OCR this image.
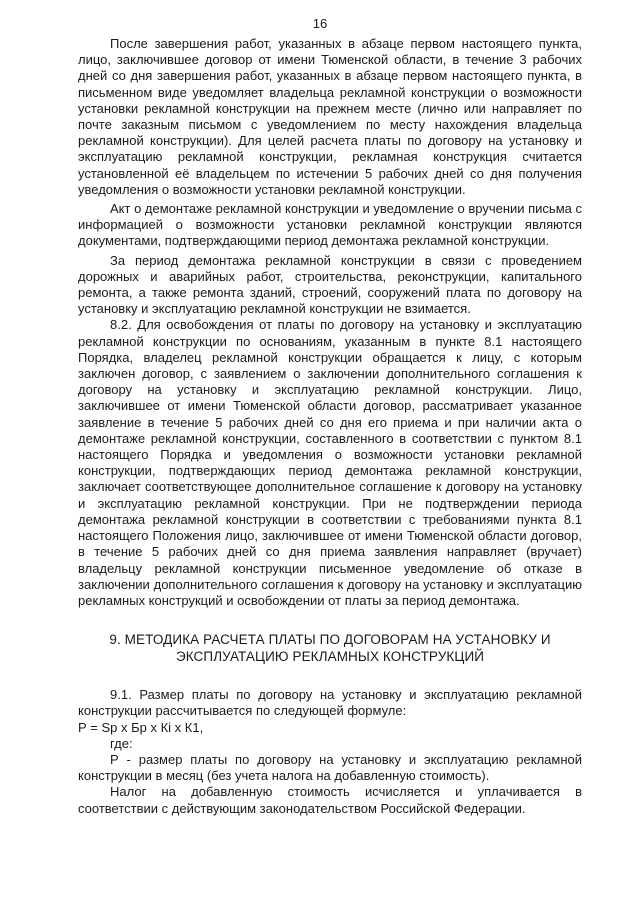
16

После завершения работ, указанных в абзаце первом настоящего пункта, лицо, заключившее договор от имени Тюменской области, в течение 3 рабочих дней со дня завершения работ, указанных в абзаце первом настоящего пункта, в письменном виде уведомляет владельца рекламной конструкции о возможности установки рекламной конструкции на прежнем месте (лично или направляет по почте заказным письмом с уведомлением по месту нахождения владельца рекламной конструкции). Для целей расчета платы по договору на установку и эксплуатацию рекламной конструкции, рекламная конструкция считается установленной её владельцем по истечении 5 рабочих дней со дня получения уведомления о возможности установки рекламной конструкции.

Акт о демонтаже рекламной конструкции и уведомление о вручении письма с информацией о возможности установки рекламной конструкции являются документами, подтверждающими период демонтажа рекламной конструкции.

За период демонтажа рекламной конструкции в связи с проведением дорожных и аварийных работ, строительства, реконструкции, капитального ремонта, а также ремонта зданий, строений, сооружений плата по договору на установку и эксплуатацию рекламной конструкции не взимается.

8.2. Для освобождения от платы по договору на установку и эксплуатацию рекламной конструкции по основаниям, указанным в пункте 8.1 настоящего Порядка, владелец рекламной конструкции обращается к лицу, с которым заключен договор, с заявлением о заключении дополнительного соглашения к договору на установку и эксплуатацию рекламной конструкции. Лицо, заключившее от имени Тюменской области договор, рассматривает указанное заявление в течение 5 рабочих дней со дня его приема и при наличии акта о демонтаже рекламной конструкции, составленного в соответствии с пунктом 8.1 настоящего Порядка и уведомления о возможности установки рекламной конструкции, подтверждающих период демонтажа рекламной конструкции, заключает соответствующее дополнительное соглашение к договору на установку и эксплуатацию рекламной конструкции. При не подтверждении периода демонтажа рекламной конструкции в соответствии с требованиями пункта 8.1 настоящего Положения лицо, заключившее от имени Тюменской области договор, в течение 5 рабочих дней со дня приема заявления направляет (вручает) владельцу рекламной конструкции письменное уведомление об отказе в заключении дополнительного соглашения к договору на установку и эксплуатацию рекламных конструкций и освобождении от платы за период демонтажа.

9. МЕТОДИКА РАСЧЕТА ПЛАТЫ ПО ДОГОВОРАМ НА УСТАНОВКУ И ЭКСПЛУАТАЦИЮ РЕКЛАМНЫХ КОНСТРУКЦИЙ

9.1. Размер платы по договору на установку и эксплуатацию рекламной конструкции рассчитывается по следующей формуле:

Р = Sр х Бр х Кi х К1,

где:

Р - размер платы по договору на установку и эксплуатацию рекламной конструкции в месяц (без учета налога на добавленную стоимость).

Налог на добавленную стоимость исчисляется и уплачивается в соответствии с действующим законодательством Российской Федерации.
